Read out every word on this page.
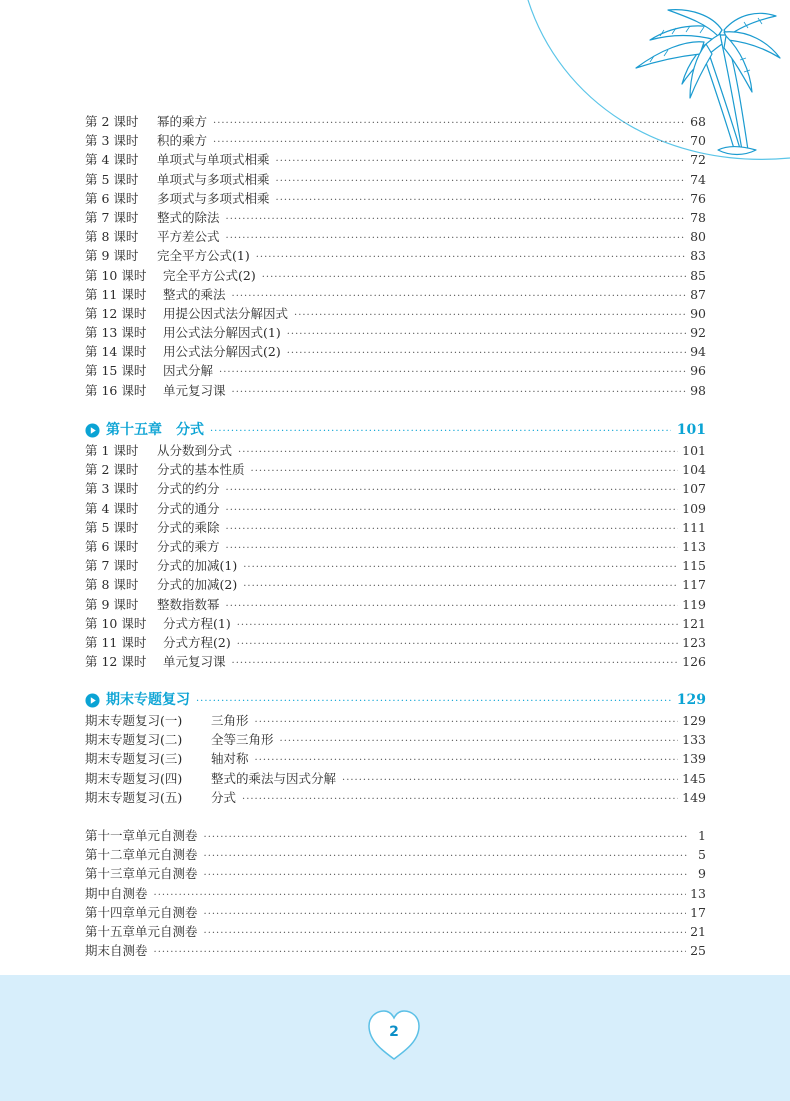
第 2 课时 幂的乘方 ·····	68
第 3 课时 积的乘方 ·····	70
第 4 课时 单项式与单项式相乘 ·····	72
第 5 课时 单项式与多项式相乘 ·····	74
第 6 课时 多项式与多项式相乘 ·····	76
第 7 课时 整式的除法 ·····	78
第 8 课时 平方差公式 ·····	80
第 9 课时 完全平方公式(1) ·····	83
第 10 课时 完全平方公式(2) ·····	85
第 11 课时 整式的乘法 ·····	87
第 12 课时 用提公因式法分解因式 ·····	90
第 13 课时 用公式法分解因式(1) ·····	92
第 14 课时 用公式法分解因式(2) ·····	94
第 15 课时 因式分解 ·····	96
第 16 课时 单元复习课 ·····	98
第十五章　分式 ·····	101
第 1 课时 从分数到分式 ·····	101
第 2 课时 分式的基本性质 ·····	104
第 3 课时 分式的约分 ·····	107
第 4 课时 分式的通分 ·····	109
第 5 课时 分式的乘除 ·····	111
第 6 课时 分式的乘方 ·····	113
第 7 课时 分式的加减(1) ·····	115
第 8 课时 分式的加减(2) ·····	117
第 9 课时 整数指数幂 ·····	119
第 10 课时 分式方程(1) ·····	121
第 11 课时 分式方程(2) ·····	123
第 12 课时 单元复习课 ·····	126
期末专题复习 ·····	129
期末专题复习(一) 三角形 ·····	129
期末专题复习(二) 全等三角形 ·····	133
期末专题复习(三) 轴对称 ·····	139
期末专题复习(四) 整式的乘法与因式分解 ·····	145
期末专题复习(五) 分式 ·····	149
第十一章单元自测卷 ·····	1
第十二章单元自测卷 ·····	5
第十三章单元自测卷 ·····	9
期中自测卷 ·····	13
第十四章单元自测卷 ·····	17
第十五章单元自测卷 ·····	21
期末自测卷 ·····	25
2
